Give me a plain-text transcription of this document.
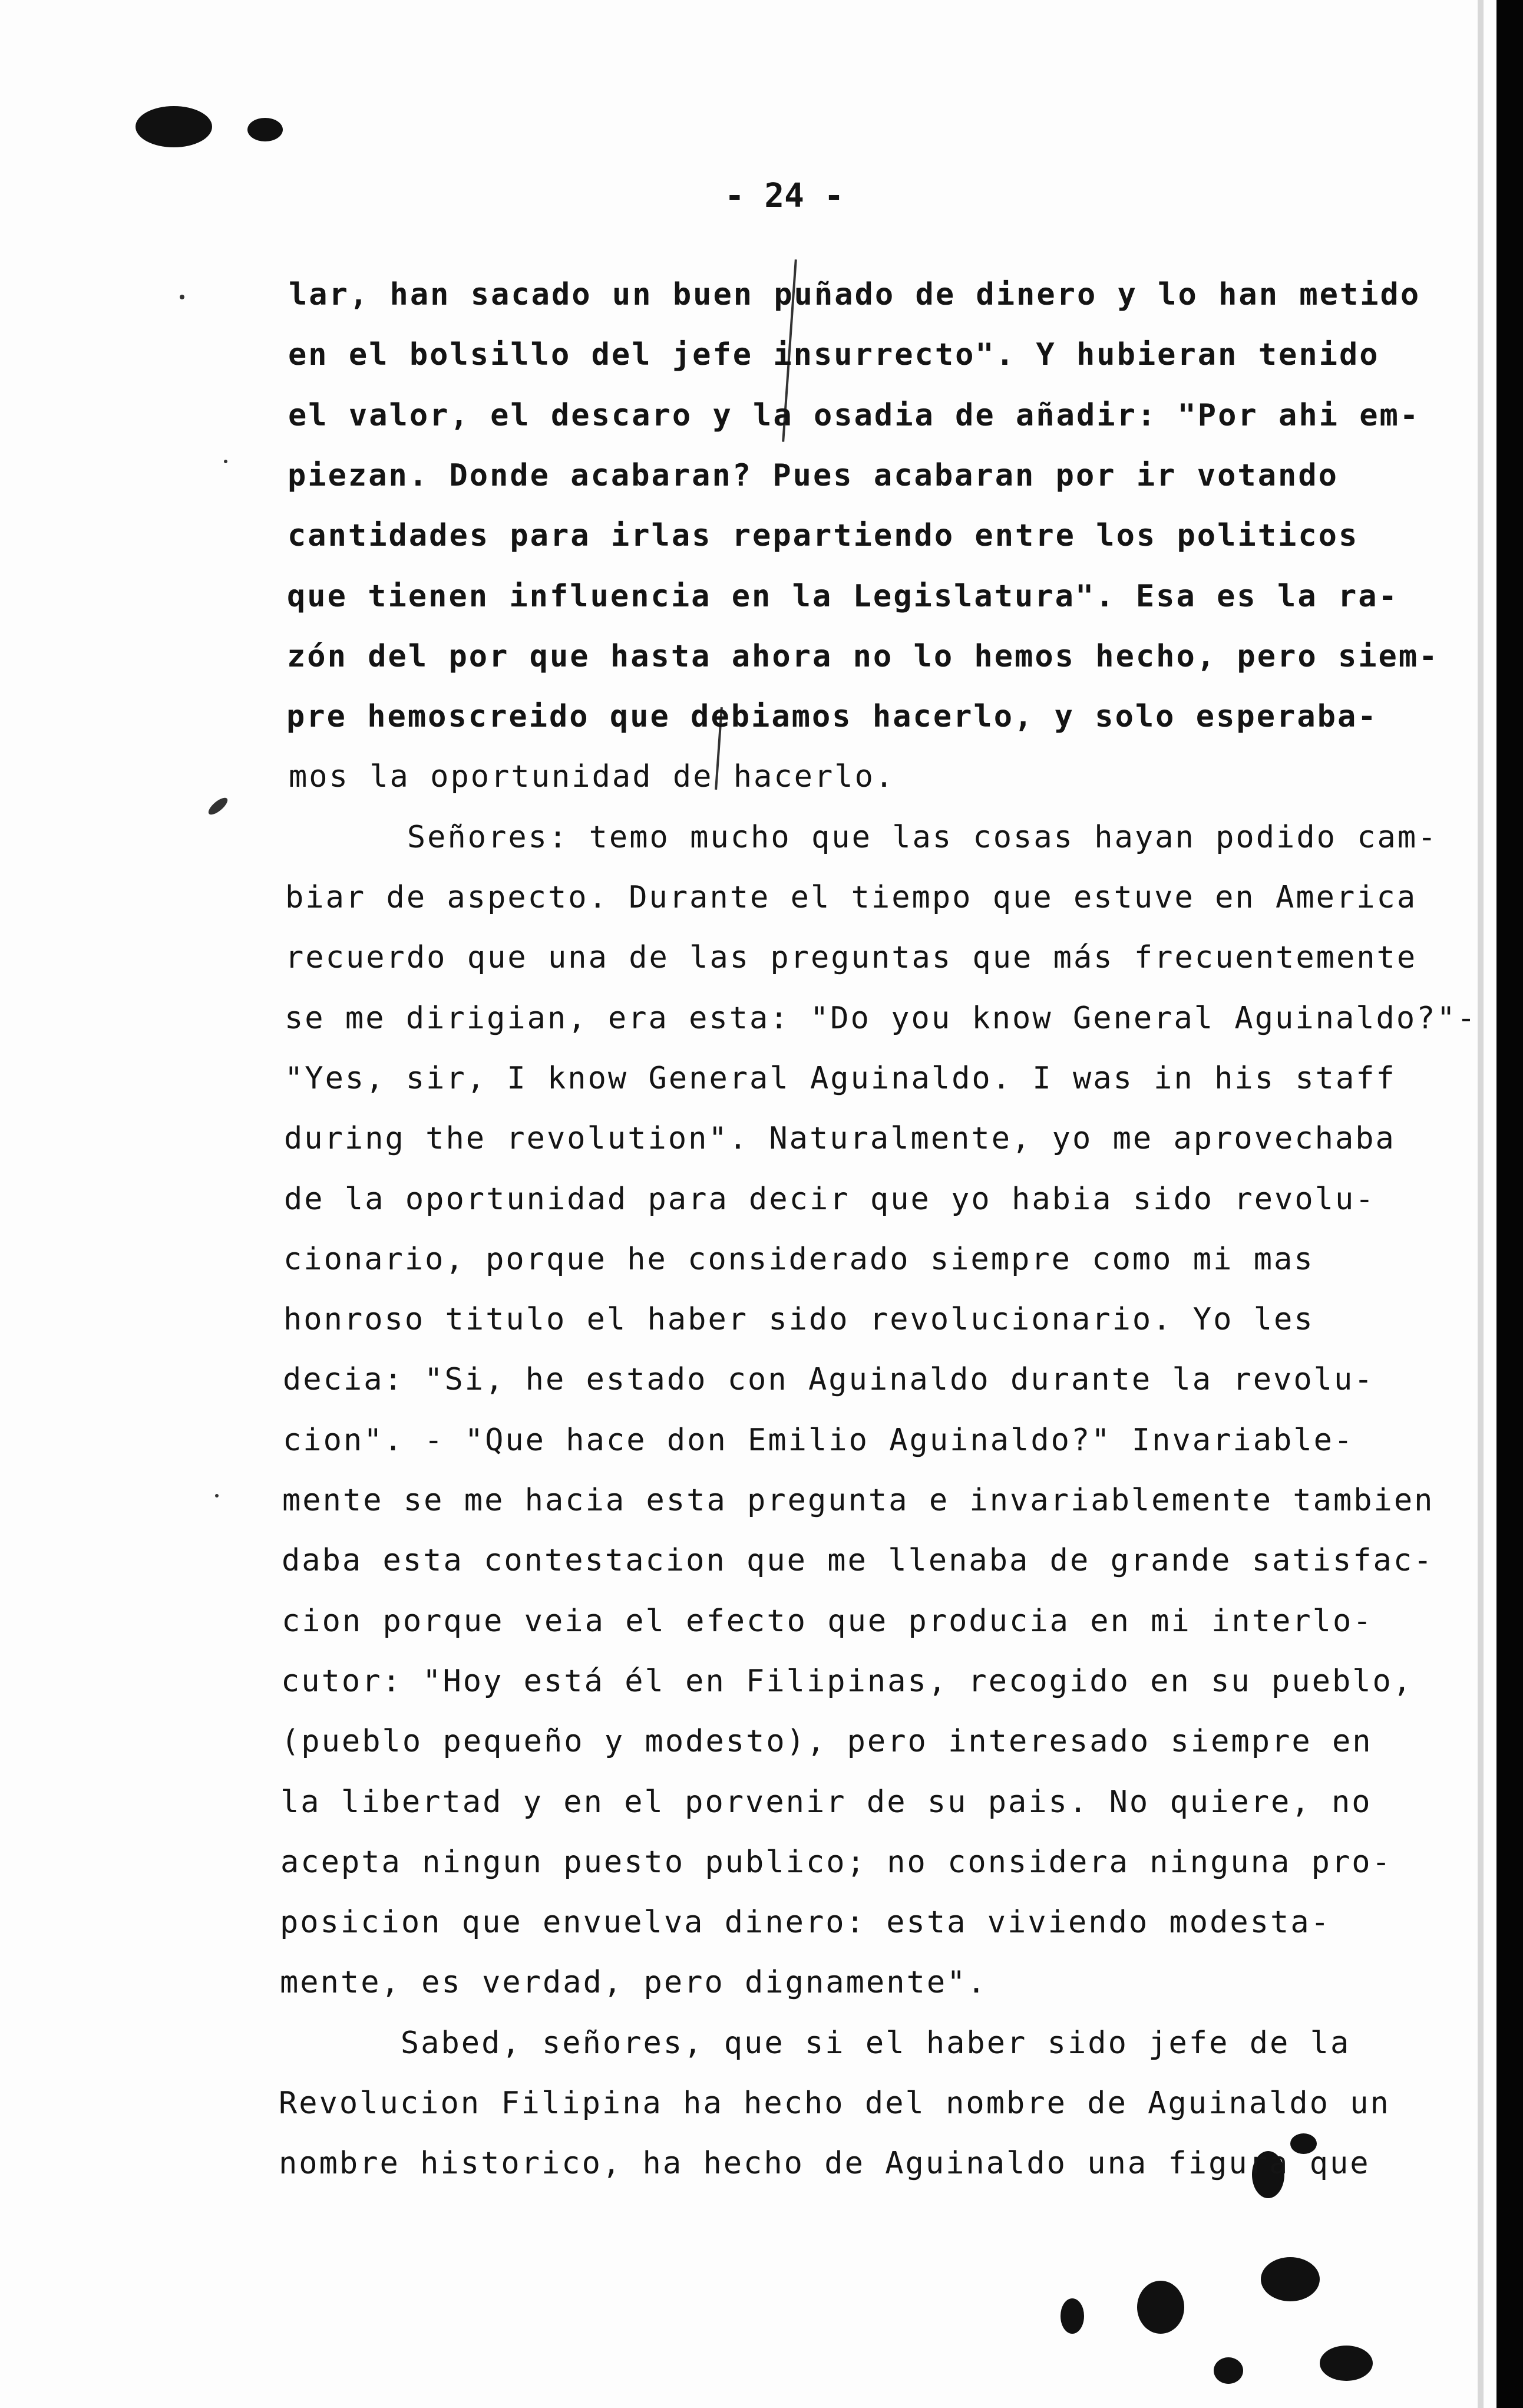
- 24 -
lar, han sacado un buen puñado de dinero y lo han metido
en el bolsillo del jefe insurrecto". Y hubieran tenido
el valor, el descaro y la osadia de añadir: "Por ahi em-
piezan. Donde acabaran? Pues acabaran por ir votando
cantidades para irlas repartiendo entre los politicos
que tienen influencia en la Legislatura". Esa es la ra-
zón del por que hasta ahora no lo hemos hecho, pero siem-
pre hemoscreido que debiamos hacerlo, y solo esperaba-
mos la oportunidad de hacerlo.
Señores: temo mucho que las cosas hayan podido cam-
biar de aspecto. Durante el tiempo que estuve en America
recuerdo que una de las preguntas que más frecuentemente
se me dirigian, era esta: "Do you know General Aguinaldo?"-
"Yes, sir, I know General Aguinaldo. I was in his staff
during the revolution". Naturalmente, yo me aprovechaba
de la oportunidad para decir que yo habia sido revolu-
cionario, porque he considerado siempre como mi mas
honroso titulo el haber sido revolucionario. Yo les
decia: "Si, he estado con Aguinaldo durante la revolu-
cion". - "Que hace don Emilio Aguinaldo?" Invariable-
mente se me hacia esta pregunta e invariablemente tambien
daba esta contestacion que me llenaba de grande satisfac-
cion porque veia el efecto que producia en mi interlo-
cutor: "Hoy está él en Filipinas, recogido en su pueblo,
(pueblo pequeño y modesto), pero interesado siempre en
la libertad y en el porvenir de su pais. No quiere, no
acepta ningun puesto publico; no considera ninguna pro-
posicion que envuelva dinero: esta viviendo modesta-
mente, es verdad, pero dignamente".
Sabed, señores, que si el haber sido jefe de la
Revolucion Filipina ha hecho del nombre de Aguinaldo un
nombre historico, ha hecho de Aguinaldo una figura que
